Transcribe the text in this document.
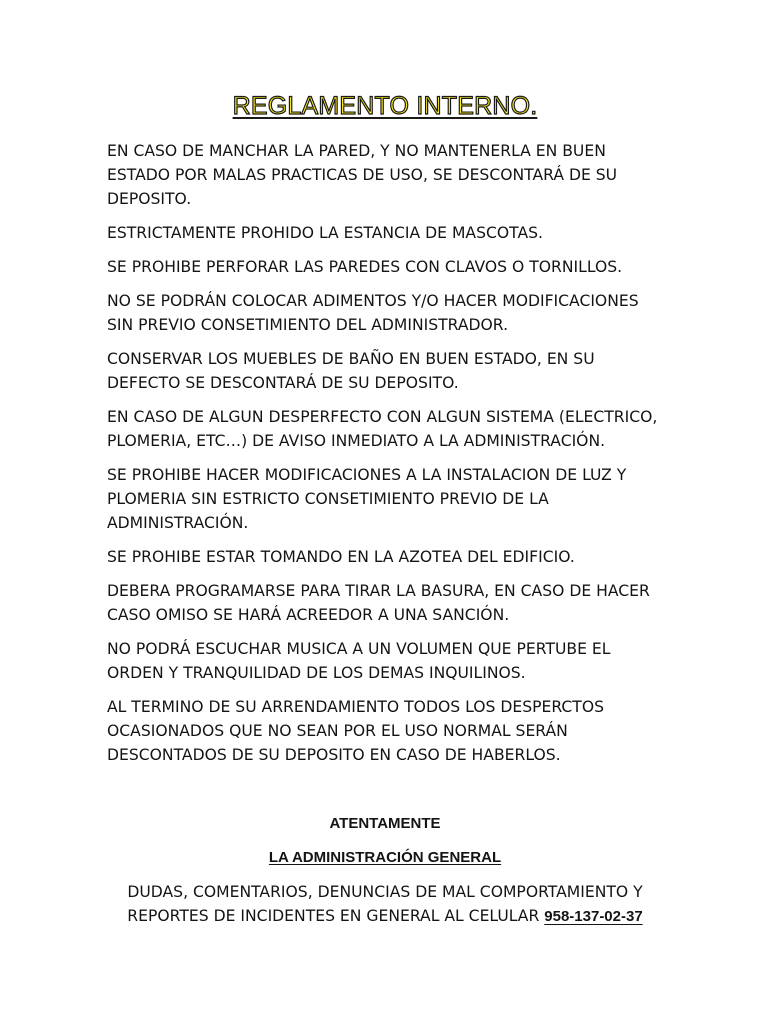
REGLAMENTO INTERNO.
EN CASO DE MANCHAR LA PARED, Y NO MANTENERLA EN BUEN ESTADO POR MALAS PRACTICAS DE USO, SE DESCONTARÁ DE SU DEPOSITO.
ESTRICTAMENTE PROHIDO LA ESTANCIA DE MASCOTAS.
SE PROHIBE PERFORAR LAS PAREDES CON CLAVOS O TORNILLOS.
NO SE PODRÁN COLOCAR ADIMENTOS Y/O HACER MODIFICACIONES SIN PREVIO CONSETIMIENTO DEL ADMINISTRADOR.
CONSERVAR LOS MUEBLES DE BAÑO EN BUEN ESTADO, EN SU DEFECTO SE DESCONTARÁ DE SU DEPOSITO.
EN CASO DE ALGUN DESPERFECTO CON ALGUN SISTEMA (ELECTRICO, PLOMERIA, ETC…) DE AVISO INMEDIATO A LA ADMINISTRACIÓN.
SE PROHIBE HACER MODIFICACIONES A LA INSTALACION DE LUZ Y PLOMERIA SIN ESTRICTO CONSETIMIENTO PREVIO DE LA ADMINISTRACIÓN.
SE PROHIBE ESTAR TOMANDO EN LA AZOTEA DEL EDIFICIO.
DEBERA PROGRAMARSE PARA TIRAR LA BASURA, EN CASO DE HACER CASO OMISO SE HARÁ ACREEDOR A UNA SANCIÓN.
NO PODRÁ ESCUCHAR MUSICA A UN VOLUMEN QUE PERTUBE EL ORDEN Y TRANQUILIDAD DE LOS DEMAS INQUILINOS.
AL TERMINO DE SU ARRENDAMIENTO TODOS LOS DESPERCTOS OCASIONADOS QUE NO SEAN POR EL USO NORMAL SERÁN DESCONTADOS DE SU DEPOSITO EN CASO DE HABERLOS.

ATENTAMENTE

LA ADMINISTRACIÓN GENERAL

DUDAS, COMENTARIOS, DENUNCIAS DE MAL COMPORTAMIENTO Y REPORTES DE INCIDENTES EN GENERAL AL CELULAR 958-137-02-37
